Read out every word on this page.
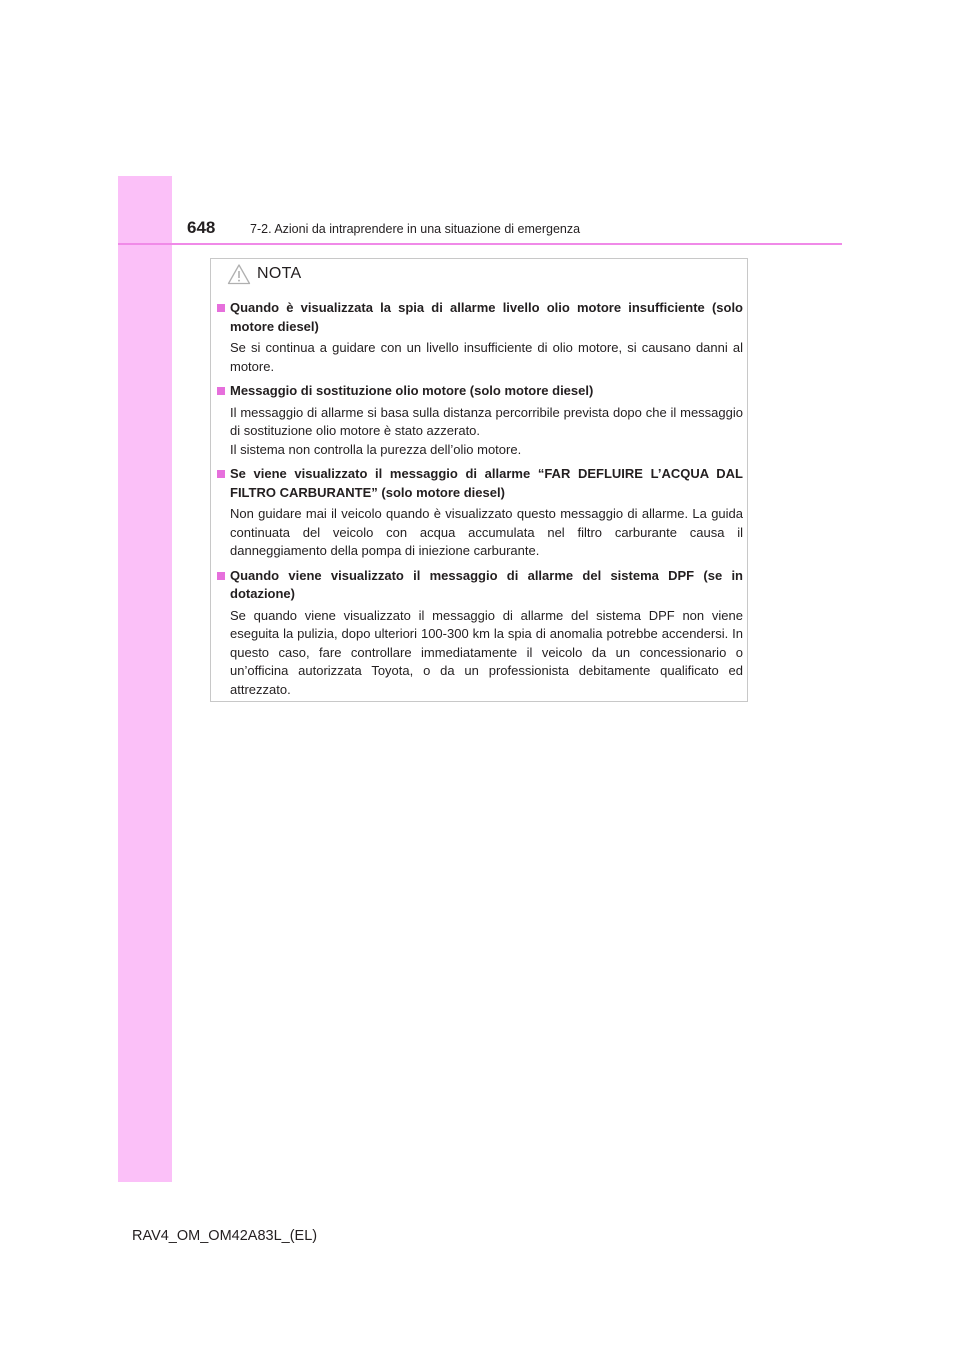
648	7-2. Azioni da intraprendere in una situazione di emergenza
NOTA
Quando è visualizzata la spia di allarme livello olio motore insufficiente (solo motore diesel)

Se si continua a guidare con un livello insufficiente di olio motore, si causano danni al motore.

Messaggio di sostituzione olio motore (solo motore diesel)

Il messaggio di allarme si basa sulla distanza percorribile prevista dopo che il messaggio di sostituzione olio motore è stato azzerato.

Il sistema non controlla la purezza dell’olio motore.

Se viene visualizzato il messaggio di allarme “FAR DEFLUIRE L’ACQUA DAL FILTRO CARBURANTE” (solo motore diesel)

Non guidare mai il veicolo quando è visualizzato questo messaggio di allarme. La guida continuata del veicolo con acqua accumulata nel filtro carburante causa il danneggiamento della pompa di iniezione carburante.

Quando viene visualizzato il messaggio di allarme del sistema DPF (se in dotazione)

Se quando viene visualizzato il messaggio di allarme del sistema DPF non viene eseguita la pulizia, dopo ulteriori 100-300 km la spia di anomalia potrebbe accendersi. In questo caso, fare controllare immediatamente il veicolo da un concessionario o un’officina autorizzata Toyota, o da un professionista debitamente qualificato ed attrezzato.

RAV4_OM_OM42A83L_(EL)
